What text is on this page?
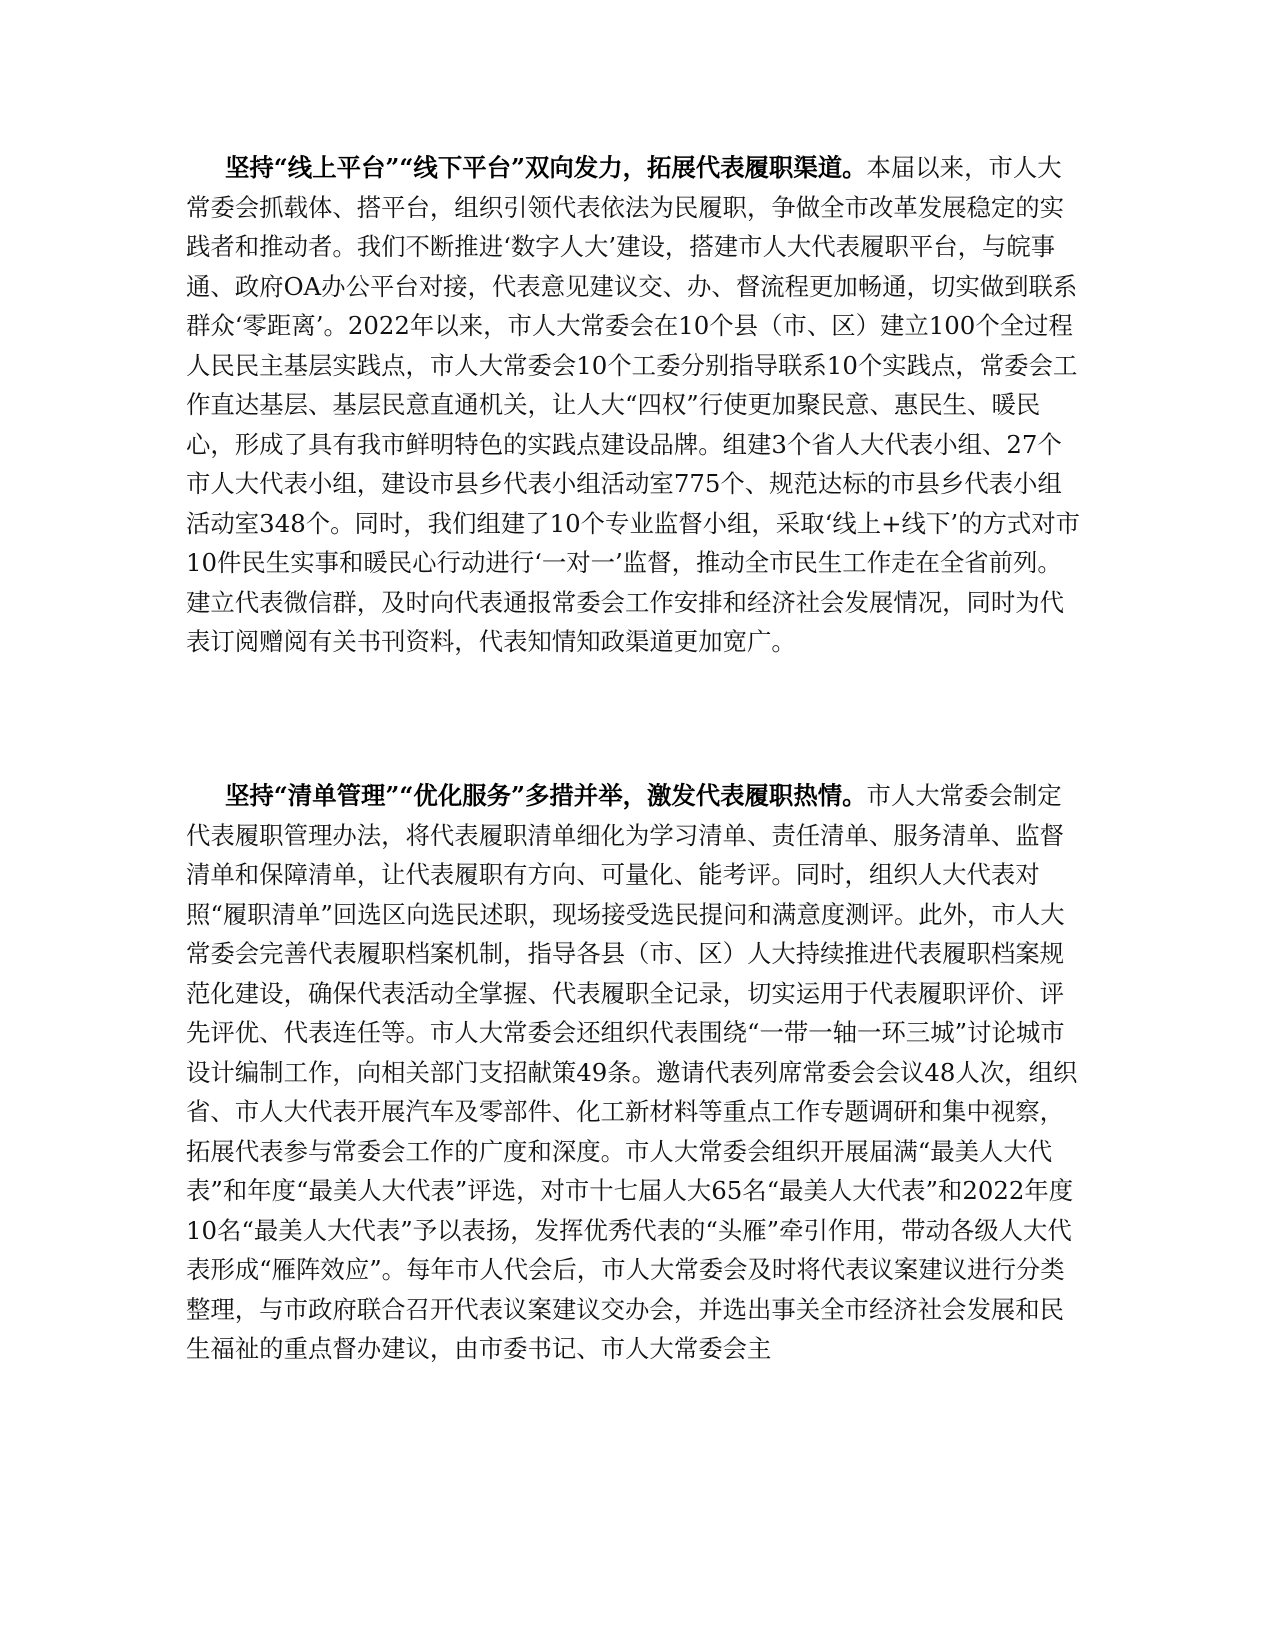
坚持“线上平台”“线下平台”双向发力，拓展代表履职渠道。本届以来，市人大常委会抓载体、搭平台，组织引领代表依法为民履职，争做全市改革发展稳定的实践者和推动者。我们不断推进‘数字人大’建设，搭建市人大代表履职平台，与皖事通、政府OA办公平台对接，代表意见建议交、办、督流程更加畅通，切实做到联系群众‘零距离’。2022年以来，市人大常委会在10个县（市、区）建立100个全过程人民民主基层实践点，市人大常委会10个工委分别指导联系10个实践点，常委会工作直达基层、基层民意直通机关，让人大“四权”行使更加聚民意、惠民生、暖民心，形成了具有我市鲜明特色的实践点建设品牌。组建3个省人大代表小组、27个市人大代表小组，建设市县乡代表小组活动室775个、规范达标的市县乡代表小组活动室348个。同时，我们组建了10个专业监督小组，采取‘线上+线下’的方式对市10件民生实事和暖民心行动进行‘一对一’监督，推动全市民生工作走在全省前列。建立代表微信群，及时向代表通报常委会工作安排和经济社会发展情况，同时为代表订阅赠阅有关书刊资料，代表知情知政渠道更加宽广。

坚持“清单管理”“优化服务”多措并举，激发代表履职热情。市人大常委会制定代表履职管理办法，将代表履职清单细化为学习清单、责任清单、服务清单、监督清单和保障清单，让代表履职有方向、可量化、能考评。同时，组织人大代表对照“履职清单”回选区向选民述职，现场接受选民提问和满意度测评。此外，市人大常委会完善代表履职档案机制，指导各县（市、区）人大持续推进代表履职档案规范化建设，确保代表活动全掌握、代表履职全记录，切实运用于代表履职评价、评先评优、代表连任等。市人大常委会还组织代表围绕“一带一轴一环三城”讨论城市设计编制工作，向相关部门支招献策49条。邀请代表列席常委会会议48人次，组织省、市人大代表开展汽车及零部件、化工新材料等重点工作专题调研和集中视察，拓展代表参与常委会工作的广度和深度。市人大常委会组织开展届满“最美人大代表”和年度“最美人大代表”评选，对市十七届人大65名“最美人大代表”和2022年度10名“最美人大代表”予以表扬，发挥优秀代表的“头雁”牵引作用，带动各级人大代表形成“雁阵效应”。每年市人代会后，市人大常委会及时将代表议案建议进行分类整理，与市政府联合召开代表议案建议交办会，并选出事关全市经济社会发展和民生福祉的重点督办建议，由市委书记、市人大常委会主
